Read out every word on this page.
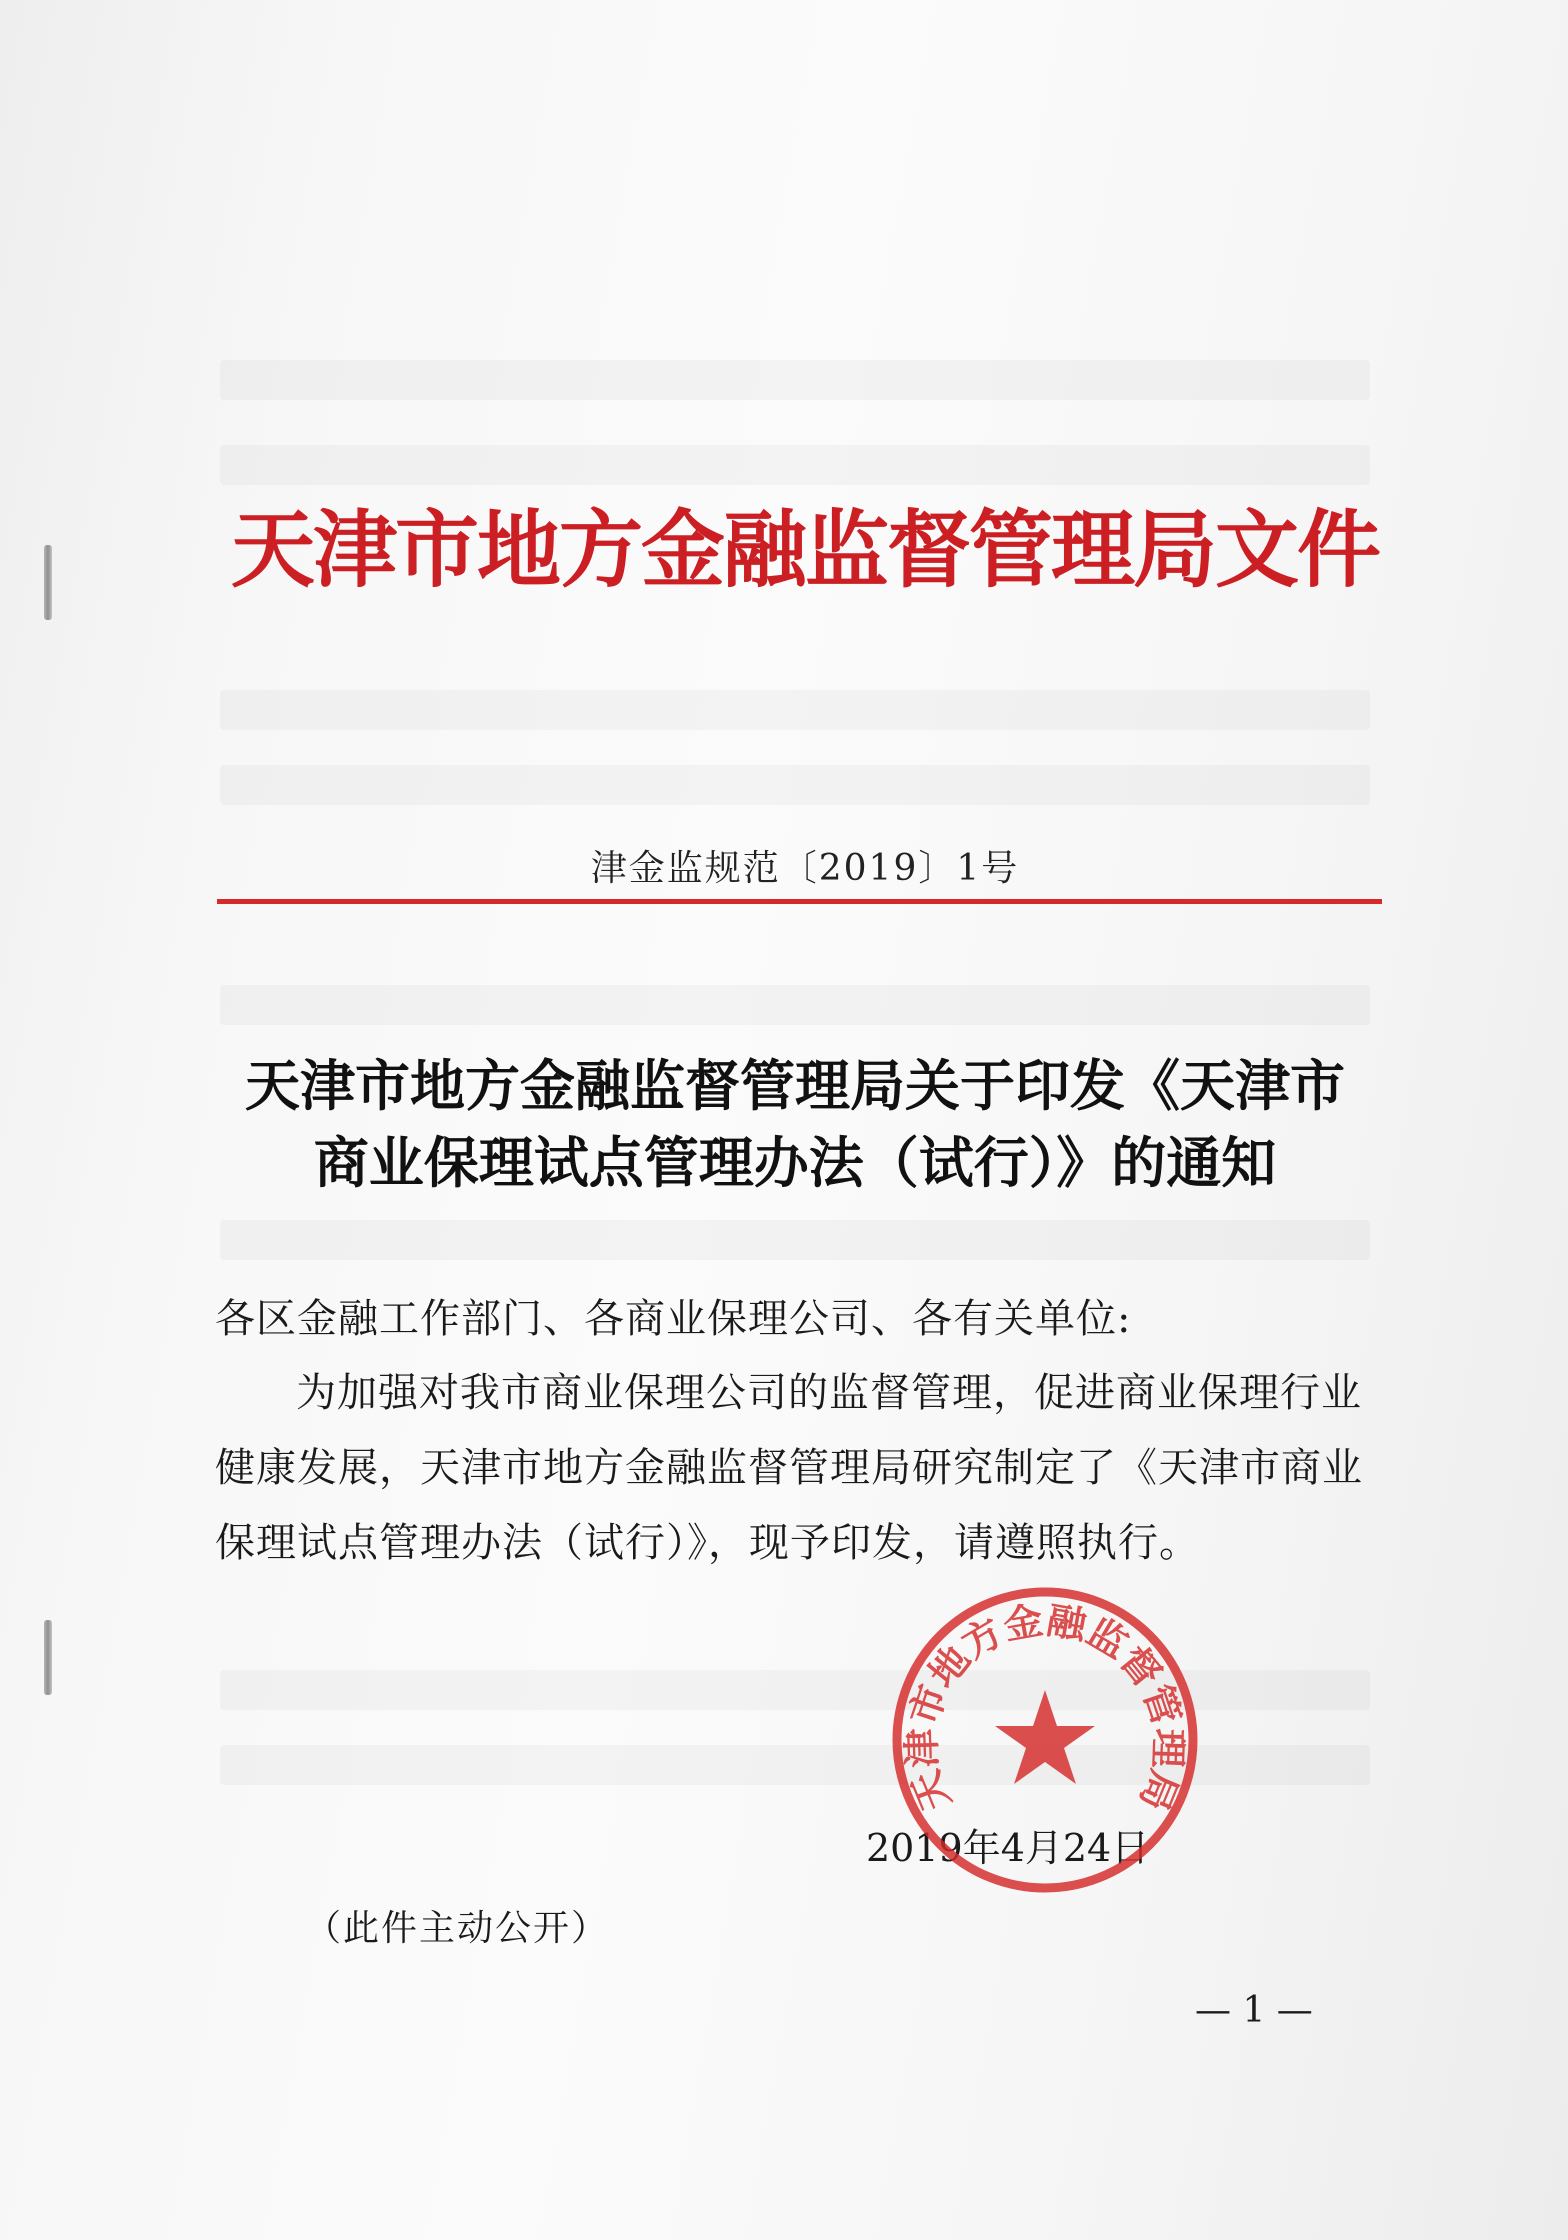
天津市地方金融监督管理局文件
津金监规范〔2019〕1号
天津市地方金融监督管理局关于印发《天津市
商业保理试点管理办法（试行）》的通知
各区金融工作部门、各商业保理公司、各有关单位:
为加强对我市商业保理公司的监督管理，促进商业保理行业
健康发展，天津市地方金融监督管理局研究制定了《天津市商业
保理试点管理办法（试行）》，现予印发，请遵照执行。
2019年4月24日
天津市地方金融监督管理局
（此件主动公开）
— 1 —
